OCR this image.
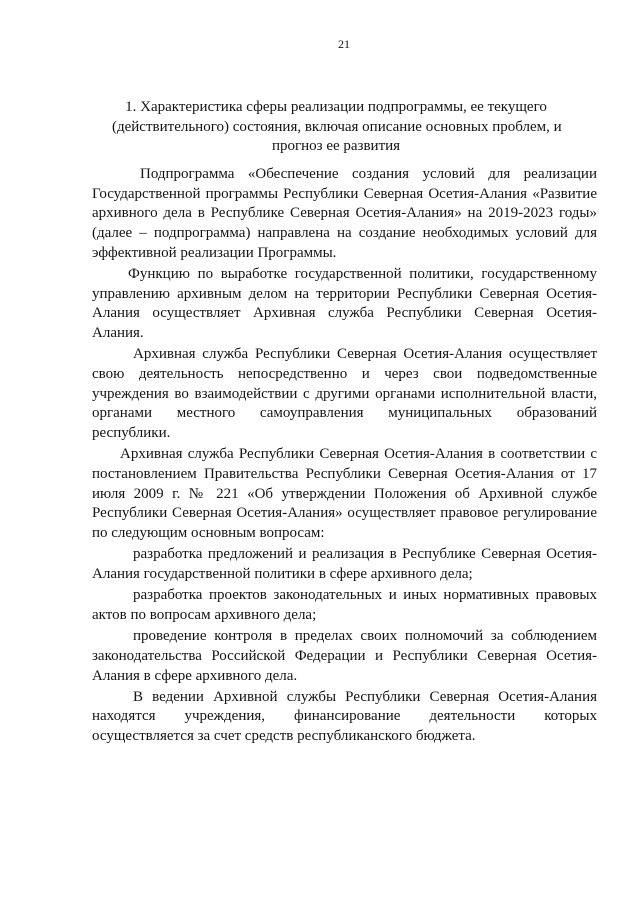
21
1. Характеристика сферы реализации подпрограммы, ее текущего
(действительного) состояния, включая описание основных проблем, и
прогноз ее развития
Подпрограмма «Обеспечение создания условий для реализации
Государственной программы Республики Северная Осетия-Алания «Развитие
архивного дела в Республике Северная Осетия-Алания» на 2019-2023 годы»
(далее – подпрограмма) направлена на создание необходимых условий для
эффективной реализации Программы.
Функцию по выработке государственной политики, государственному
управлению архивным делом на территории Республики Северная Осетия-
Алания осуществляет Архивная служба Республики Северная Осетия-
Алания.
Архивная служба Республики Северная Осетия-Алания осуществляет
свою деятельность непосредственно и через свои подведомственные
учреждения во взаимодействии с другими органами исполнительной власти,
органами местного самоуправления муниципальных образований
республики.
Архивная служба Республики Северная Осетия-Алания в соответствии с
постановлением Правительства Республики Северная Осетия-Алания от 17
июля 2009 г. № 221 «Об утверждении Положения об Архивной службе
Республики Северная Осетия-Алания» осуществляет правовое регулирование
по следующим основным вопросам:
разработка предложений и реализация в Республике Северная Осетия-
Алания государственной политики в сфере архивного дела;
разработка проектов законодательных и иных нормативных правовых
актов по вопросам архивного дела;
проведение контроля в пределах своих полномочий за соблюдением
законодательства Российской Федерации и Республики Северная Осетия-
Алания в сфере архивного дела.
В ведении Архивной службы Республики Северная Осетия-Алания
находятся учреждения, финансирование деятельности которых
осуществляется за счет средств республиканского бюджета.
